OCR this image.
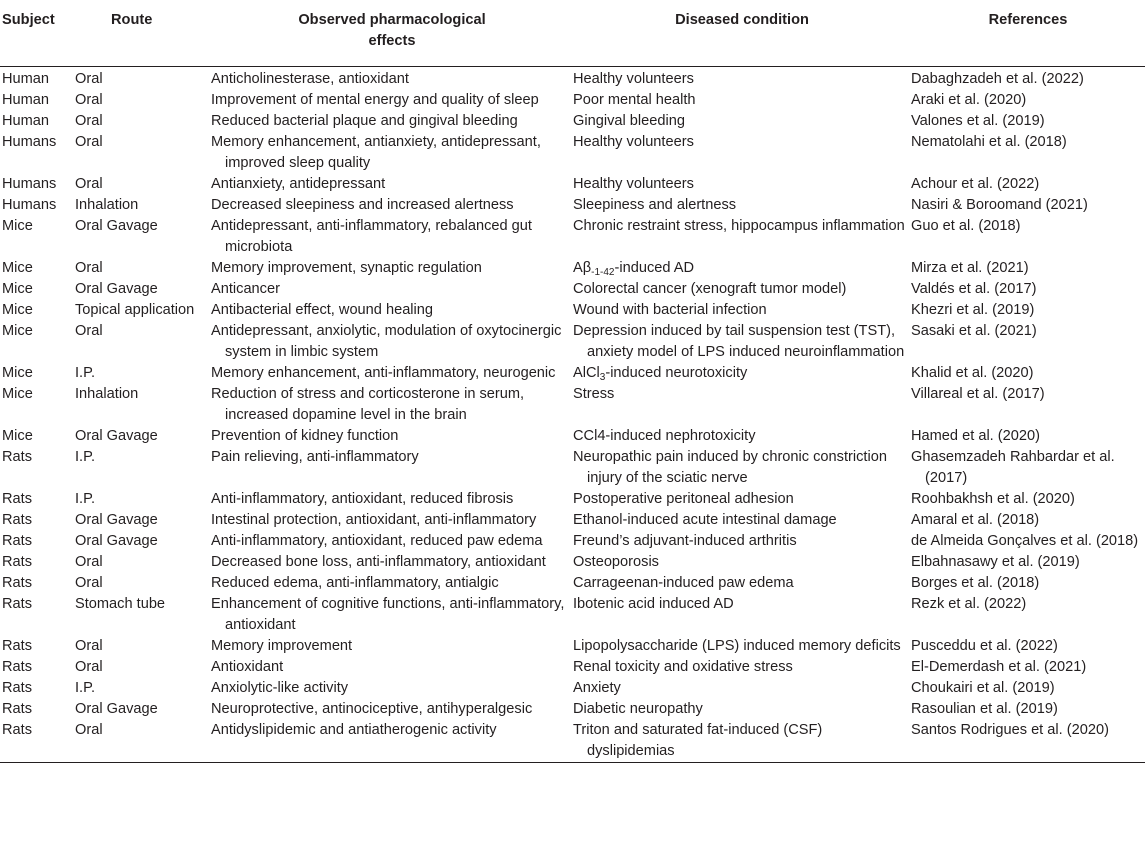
Subject	Route	Observed pharmacological effects	Diseased condition	References

Human	Oral	Anticholinesterase, antioxidant	Healthy volunteers	Dabaghzadeh et al. (2022)

Human	Oral	Improvement of mental energy and quality of sleep	Poor mental health	Araki et al. (2020)

Human	Oral	Reduced bacterial plaque and gingival bleeding	Gingival bleeding	Valones et al. (2019)

Humans	Oral	Memory enhancement, antianxiety, antidepressant, improved sleep quality	Healthy volunteers	Nematolahi et al. (2018)

Humans	Oral	Antianxiety, antidepressant	Healthy volunteers	Achour et al. (2022)

Humans	Inhalation	Decreased sleepiness and increased alertness	Sleepiness and alertness	Nasiri & Boroomand (2021)

Mice	Oral Gavage	Antidepressant, anti-inflammatory, rebalanced gut microbiota	Chronic restraint stress, hippocampus inflammation	Guo et al. (2018)

Mice	Oral	Memory improvement, synaptic regulation	$A\beta_{-1-42}$-induced AD	Mirza et al. (2021)

Mice	Oral Gavage	Anticancer	Colorectal cancer (xenograft tumor model)	Valdés et al. (2017)

Mice	Topical application	Antibacterial effect, wound healing	Wound with bacterial infection	Khezri et al. (2019)

Mice	Oral	Antidepressant, anxiolytic, modulation of oxytocinergic system in limbic system	Depression induced by tail suspension test (TST), anxiety model of LPS induced neuroinflammation	Sasaki et al. (2021)

Mice	I.P.	Memory enhancement, anti-inflammatory, neurogenic	AlCl$_3$-induced neurotoxicity	Khalid et al. (2020)

Mice	Inhalation	Reduction of stress and corticosterone in serum, increased dopamine level in the brain	Stress	Villareal et al. (2017)

Mice	Oral Gavage	Prevention of kidney function	CCl4-induced nephrotoxicity	Hamed et al. (2020)

Rats	I.P.	Pain relieving, anti-inflammatory	Neuropathic pain induced by chronic constriction injury of the sciatic nerve	Ghasemzadeh Rahbardar et al. (2017)

Rats	I.P.	Anti-inflammatory, antioxidant, reduced fibrosis	Postoperative peritoneal adhesion	Roohbakhsh et al. (2020)

Rats	Oral Gavage	Intestinal protection, antioxidant, anti-inflammatory	Ethanol-induced acute intestinal damage	Amaral et al. (2018)

Rats	Oral Gavage	Anti-inflammatory, antioxidant, reduced paw edema	Freund’s adjuvant-induced arthritis	de Almeida Gonçalves et al. (2018)

Rats	Oral	Decreased bone loss, anti-inflammatory, antioxidant	Osteoporosis	Elbahnasawy et al. (2019)

Rats	Oral	Reduced edema, anti-inflammatory, antialgic	Carrageenan-induced paw edema	Borges et al. (2018)

Rats	Stomach tube	Enhancement of cognitive functions, anti-inflammatory, antioxidant	Ibotenic acid induced AD	Rezk et al. (2022)

Rats	Oral	Memory improvement	Lipopolysaccharide (LPS) induced memory deficits	Pusceddu et al. (2022)

Rats	Oral	Antioxidant	Renal toxicity and oxidative stress	El-Demerdash et al. (2021)

Rats	I.P.	Anxiolytic-like activity	Anxiety	Choukairi et al. (2019)

Rats	Oral Gavage	Neuroprotective, antinociceptive, antihyperalgesic	Diabetic neuropathy	Rasoulian et al. (2019)

Rats	Oral	Antidyslipidemic and antiatherogenic activity	Triton and saturated fat-induced (CSF) dyslipidemias	Santos Rodrigues et al. (2020)
